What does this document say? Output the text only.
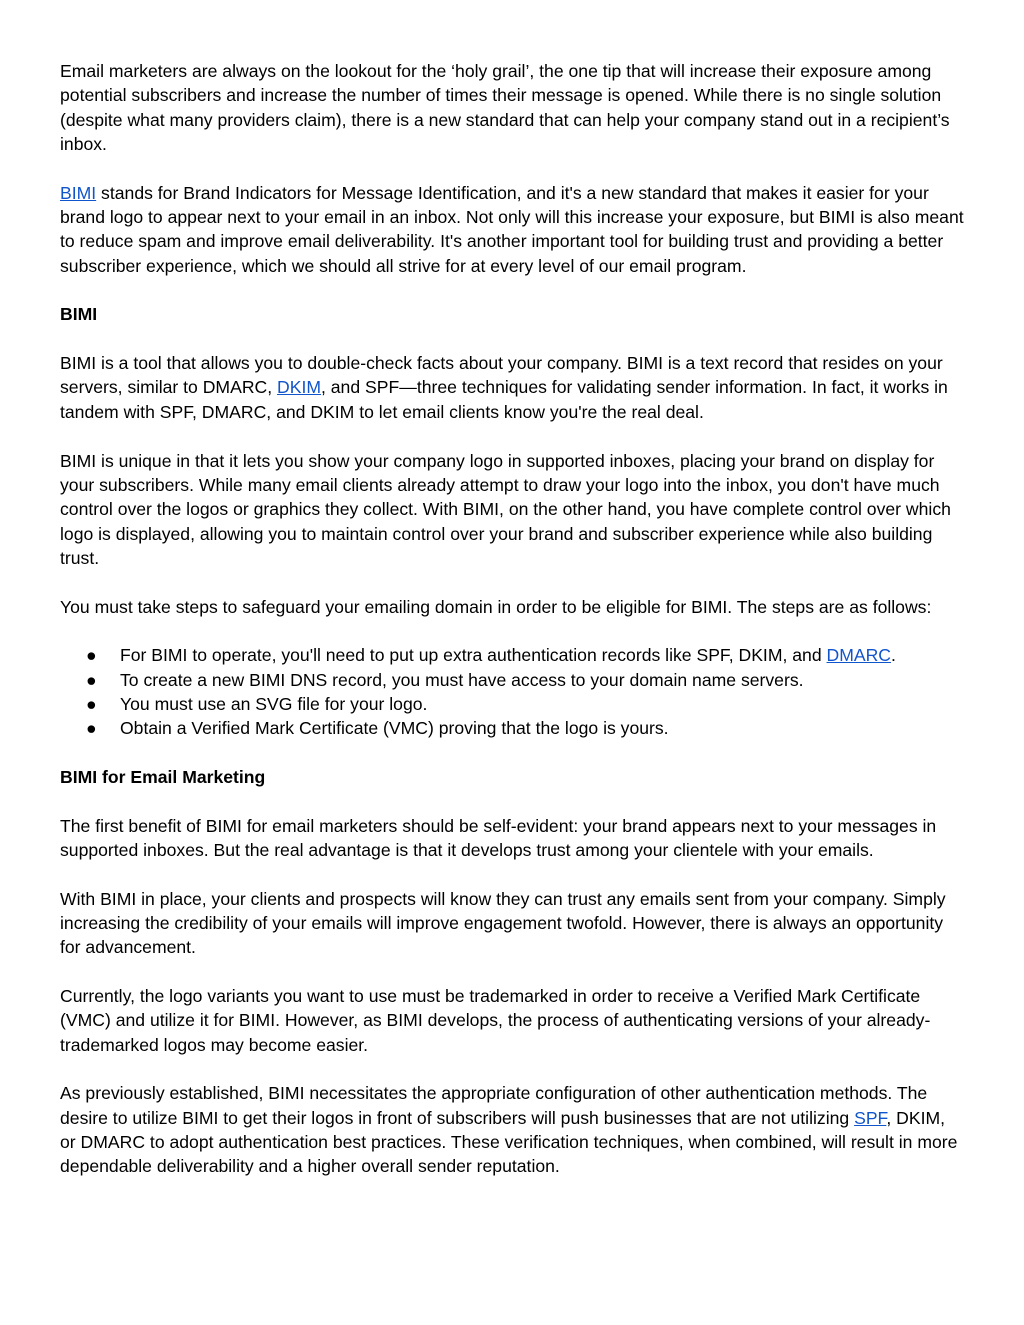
Email marketers are always on the lookout for the ‘holy grail’, the one tip that will increase their exposure among potential subscribers and increase the number of times their message is opened. While there is no single solution (despite what many providers claim), there is a new standard that can help your company stand out in a recipient’s inbox.

BIMI stands for Brand Indicators for Message Identification, and it's a new standard that makes it easier for your brand logo to appear next to your email in an inbox. Not only will this increase your exposure, but BIMI is also meant to reduce spam and improve email deliverability. It's another important tool for building trust and providing a better subscriber experience, which we should all strive for at every level of our email program.

BIMI

BIMI is a tool that allows you to double-check facts about your company. BIMI is a text record that resides on your servers, similar to DMARC, DKIM, and SPF—three techniques for validating sender information. In fact, it works in tandem with SPF, DMARC, and DKIM to let email clients know you're the real deal.

BIMI is unique in that it lets you show your company logo in supported inboxes, placing your brand on display for your subscribers. While many email clients already attempt to draw your logo into the inbox, you don't have much control over the logos or graphics they collect. With BIMI, on the other hand, you have complete control over which logo is displayed, allowing you to maintain control over your brand and subscriber experience while also building trust.

You must take steps to safeguard your emailing domain in order to be eligible for BIMI. The steps are as follows:

● For BIMI to operate, you'll need to put up extra authentication records like SPF, DKIM, and DMARC.
● To create a new BIMI DNS record, you must have access to your domain name servers.
● You must use an SVG file for your logo.
● Obtain a Verified Mark Certificate (VMC) proving that the logo is yours.
BIMI for Email Marketing

The first benefit of BIMI for email marketers should be self-evident: your brand appears next to your messages in supported inboxes. But the real advantage is that it develops trust among your clientele with your emails.

With BIMI in place, your clients and prospects will know they can trust any emails sent from your company. Simply increasing the credibility of your emails will improve engagement twofold. However, there is always an opportunity for advancement.

Currently, the logo variants you want to use must be trademarked in order to receive a Verified Mark Certificate (VMC) and utilize it for BIMI. However, as BIMI develops, the process of authenticating versions of your already-trademarked logos may become easier.

As previously established, BIMI necessitates the appropriate configuration of other authentication methods. The desire to utilize BIMI to get their logos in front of subscribers will push businesses that are not utilizing SPF, DKIM, or DMARC to adopt authentication best practices. These verification techniques, when combined, will result in more dependable deliverability and a higher overall sender reputation.
